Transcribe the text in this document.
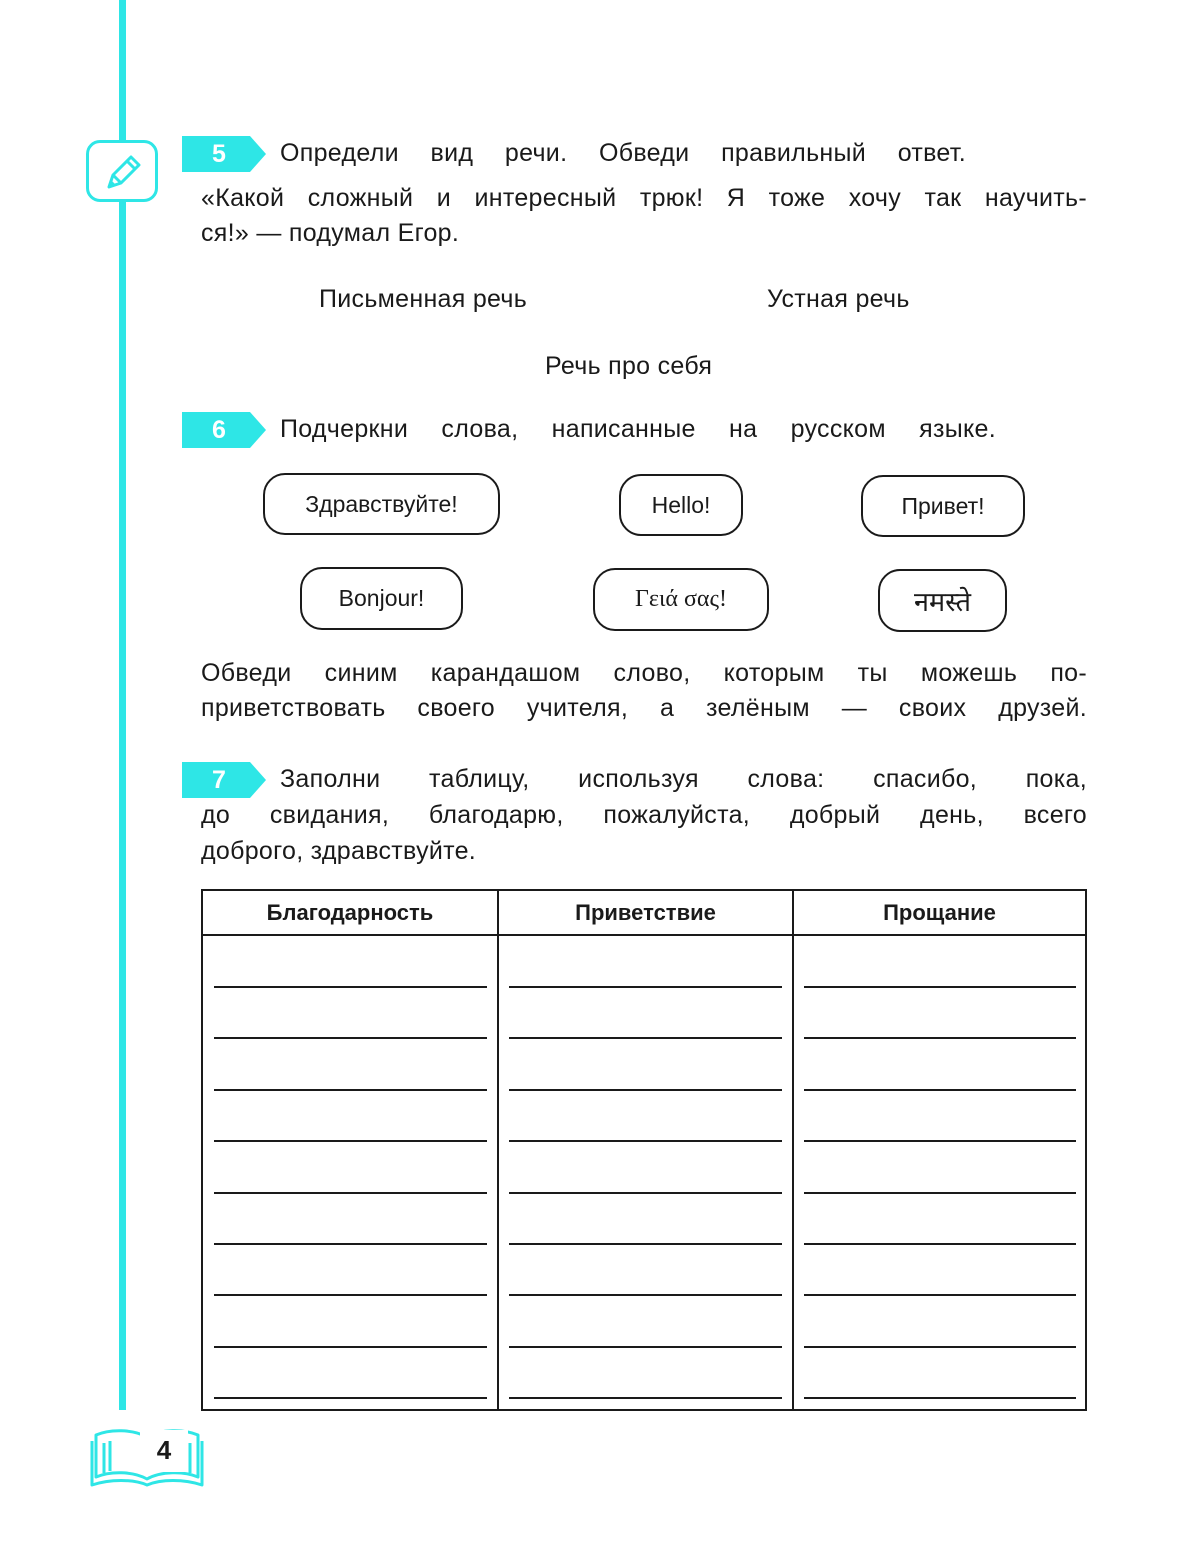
5	Определи вид речи. Обведи правильный ответ.
«Какой сложный и интересный трюк! Я тоже хочу так научить-
ся!» — подумал Егор.
Письменная речь	Устная речь
Речь про себя
6	Подчеркни слова, написанные на русском языке.
Здравствуйте!	Hello!	Привет!
Bonjour!	Γειά σας!	नमस्ते
Обведи синим карандашом слово, которым ты можешь по-
приветствовать своего учителя, а зелёным — своих друзей.
7	Заполни таблицу, используя слова: спасибо, пока,
до свидания, благодарю, пожалуйста, добрый день, всего
доброго, здравствуйте.
Благодарность	Приветствие	Прощание
4
